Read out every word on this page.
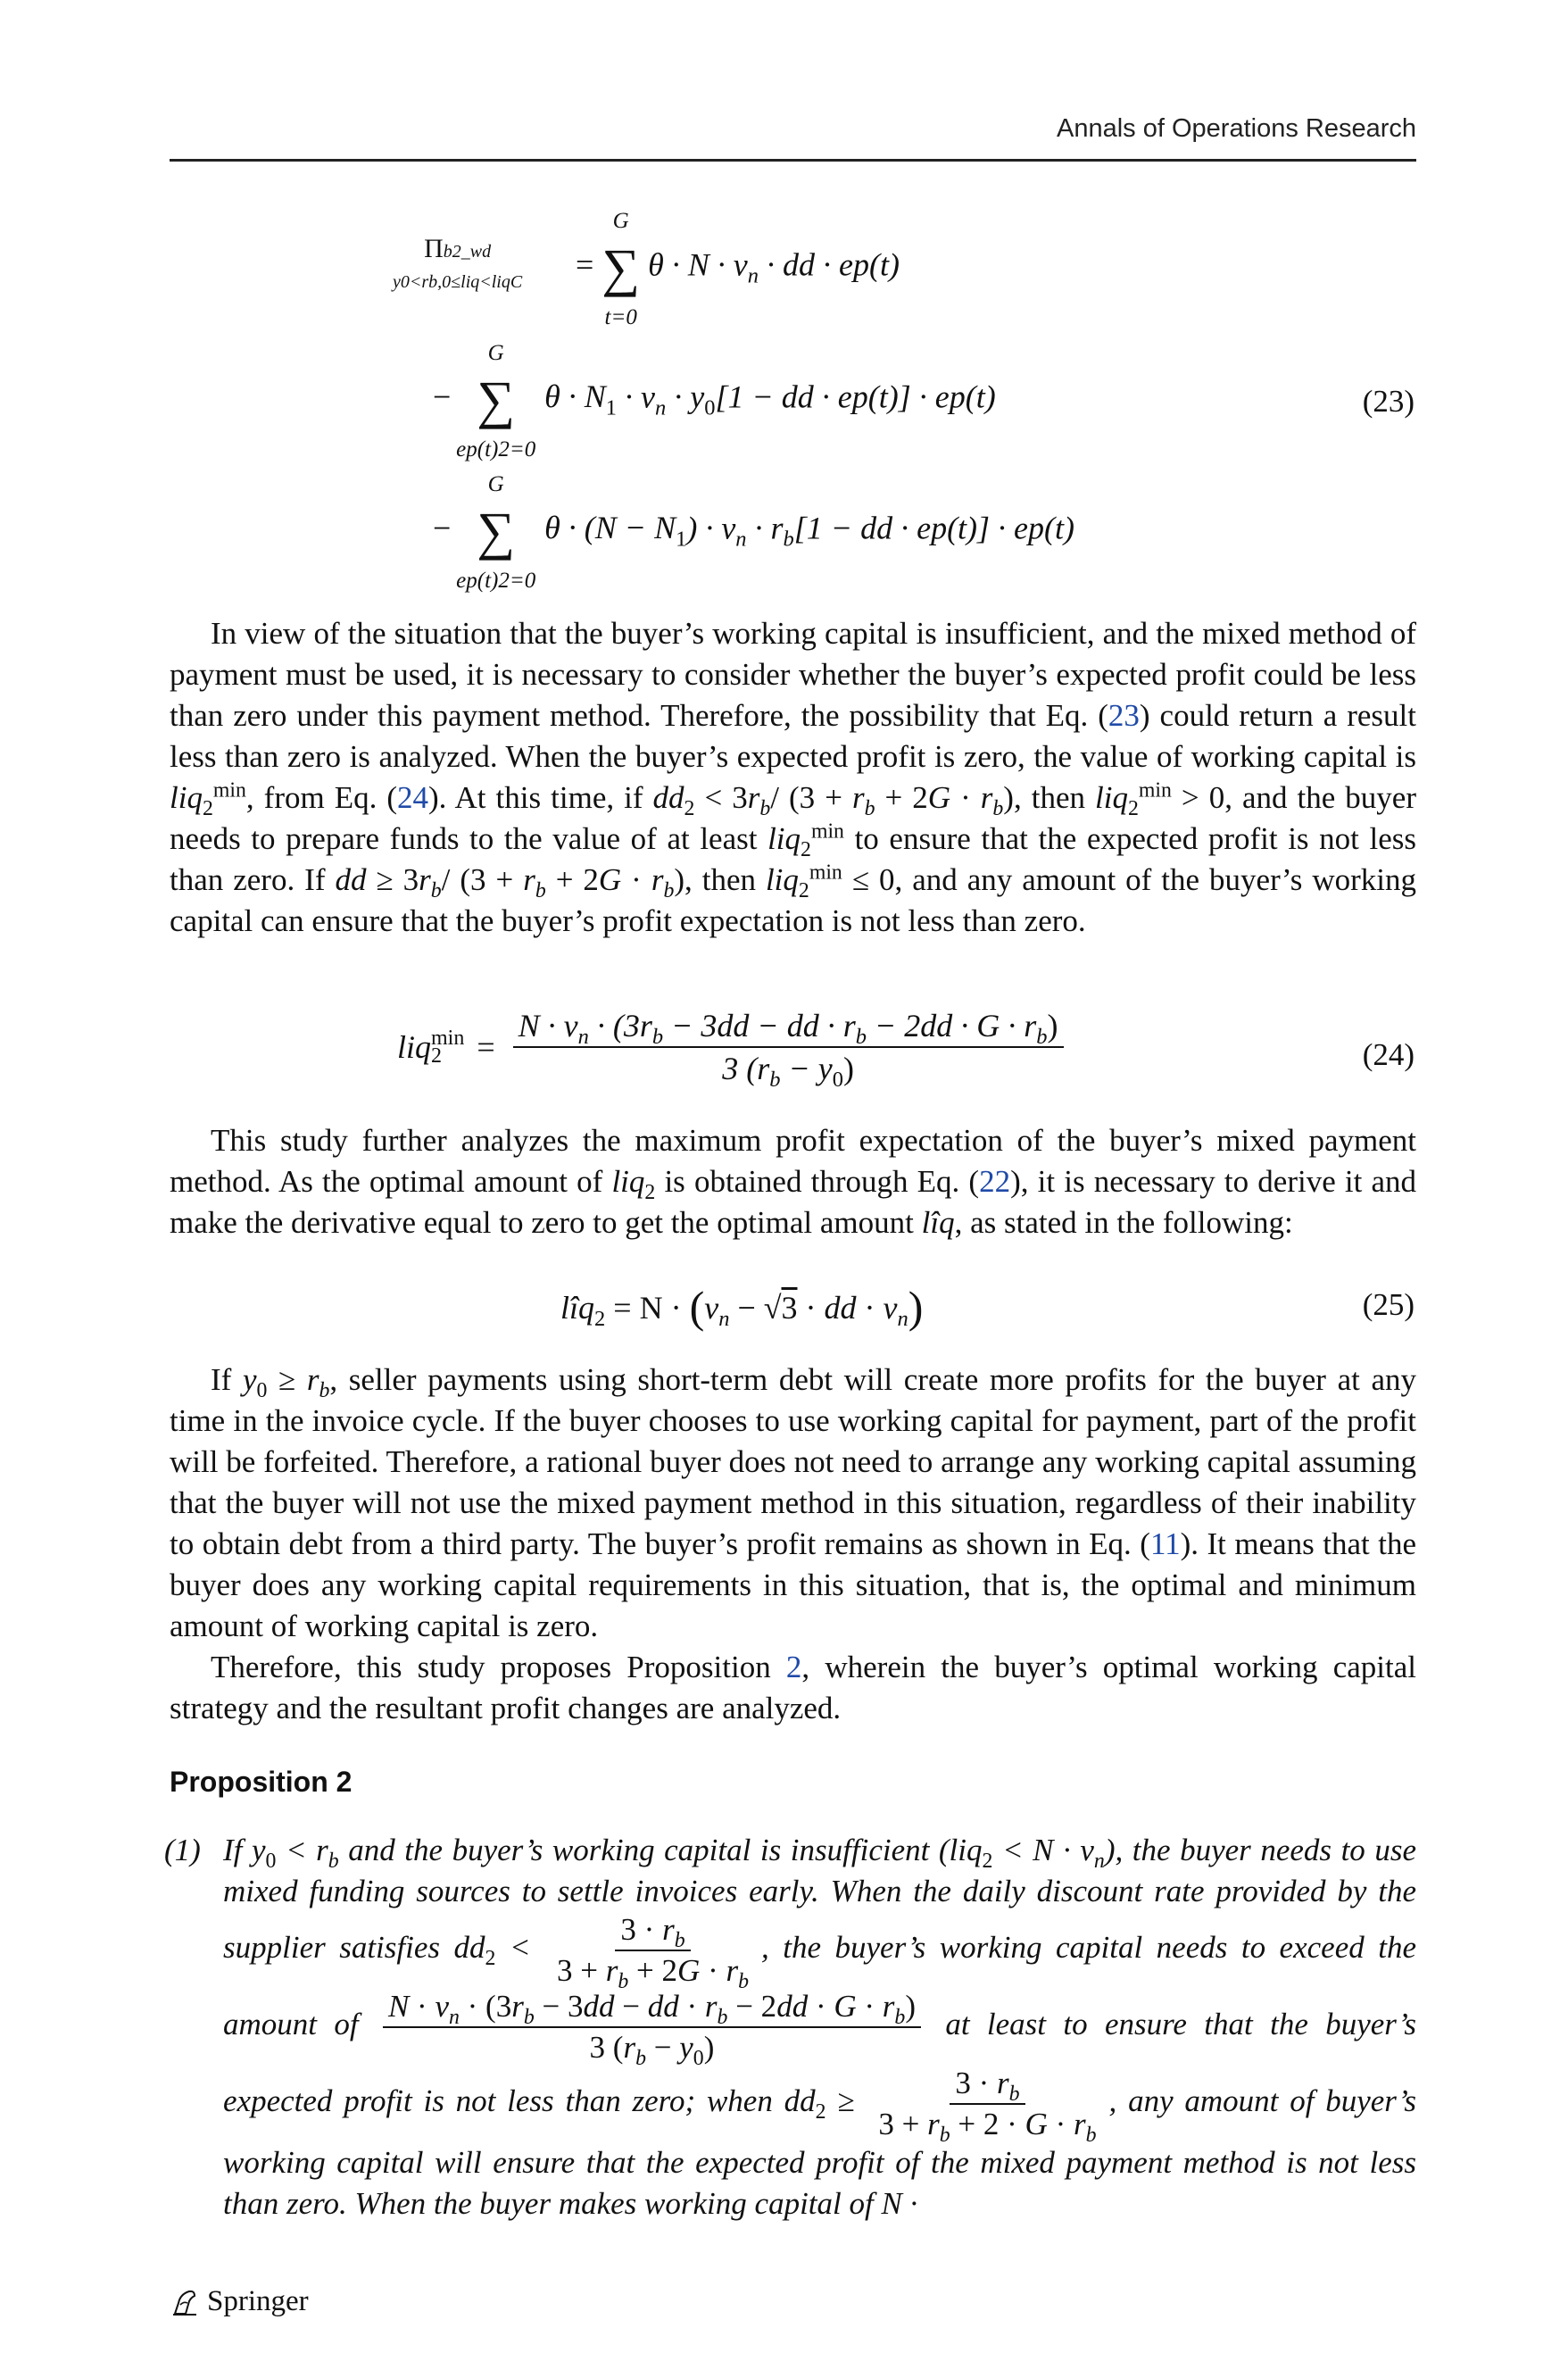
Annals of Operations Research
Πb2_wd
y0<rb,0≤liq<liqC = ∑
G
t=0
$\theta \cdot N \cdot v_n$ · dd · ep(t)
− ∑
G
ep(t)2=0
$\theta \cdot N_1 \cdot v_n \cdot y_0[1$ − dd · ep(t)] · ep(t)	(23)
− ∑
G
ep(t)2=0
$\theta \cdot (N - N_1) \cdot v_n \cdot r_b[1$ − dd · ep(t)] · ep(t)
In view of the situation that the buyer’s working capital is insufficient, and the mixed method of payment must be used, it is necessary to consider whether the buyer’s expected profit could be less than zero under this payment method. Therefore, the possibility that Eq. (23) could return a result less than zero is analyzed. When the buyer’s expected profit is zero, the value of working capital is liq$_2^{min}$, from Eq. (24). At this time, if $dd_2 < 3r_b/$ $(3 + r_b + 2G \cdot r_b)$, then liq$_2^{min}$ > 0, and the buyer needs to prepare funds to the value of at least liq$_2^{min}$ to ensure that the expected profit is not less than zero. If dd ≥ $3r_b/$ $(3 + r_b + 2G \cdot r_b)$, then liq$_2^{min}$ ≤ 0, and any amount of the buyer’s working capital can ensure that the buyer’s profit expectation is not less than zero.
liq min
2	= $\frac{N \cdot v_n \cdot (3r_b - 3dd - dd \cdot r_b - 2dd \cdot G \cdot r_b)}{3 (r_b - y_0)}$	(24)
This study further analyzes the maximum profit expectation of the buyer’s mixed payment method. As the optimal amount of liq$_2$ is obtained through Eq. (22), it is necessary to derive it and make the derivative equal to zero to get the optimal amount lîq, as stated in the following:
lîq$_2$ = $N \cdot (v_n - √3$ · dd · $v_n$)	(25)
If $y_0 \ge r_b$, seller payments using short-term debt will create more profits for the buyer at any time in the invoice cycle. If the buyer chooses to use working capital for payment, part of the profit will be forfeited. Therefore, a rational buyer does not need to arrange any working capital assuming that the buyer will not use the mixed payment method in this situation, regardless of their inability to obtain debt from a third party. The buyer’s profit remains as shown in Eq. (11). It means that the buyer does any working capital requirements in this situation, that is, the optimal and minimum amount of working capital is zero.
Therefore, this study proposes Proposition 2, wherein the buyer’s optimal working capital strategy and the resultant profit changes are analyzed.
Proposition 2
(1) If $y_0 < r_b$ and the buyer’s working capital is insufficient $(liq_2 < N \cdot v_n)$, the buyer needs to use mixed funding sources to settle invoices early. When the daily discount rate provided by the supplier satisfies $dd_2 < \frac{3 \cdot r_b}{3 + r_b + 2G \cdot r_b}$ , the buyer’s working capital needs to exceed the amount of $\frac{N \cdot v_n \cdot (3r_b - 3dd - dd \cdot r_b - 2dd \cdot G \cdot r_b)}{3 (r_b - y_0)}$ at least to ensure that the buyer’s expected profit is not less than zero; when $dd_2 \ge \frac{3 \cdot r_b}{3 + r_b + 2 \cdot G \cdot r_b}$ , any amount of buyer’s working capital will ensure that the expected profit of the mixed payment method is not less than zero. When the buyer makes working capital of N ·
Springer
